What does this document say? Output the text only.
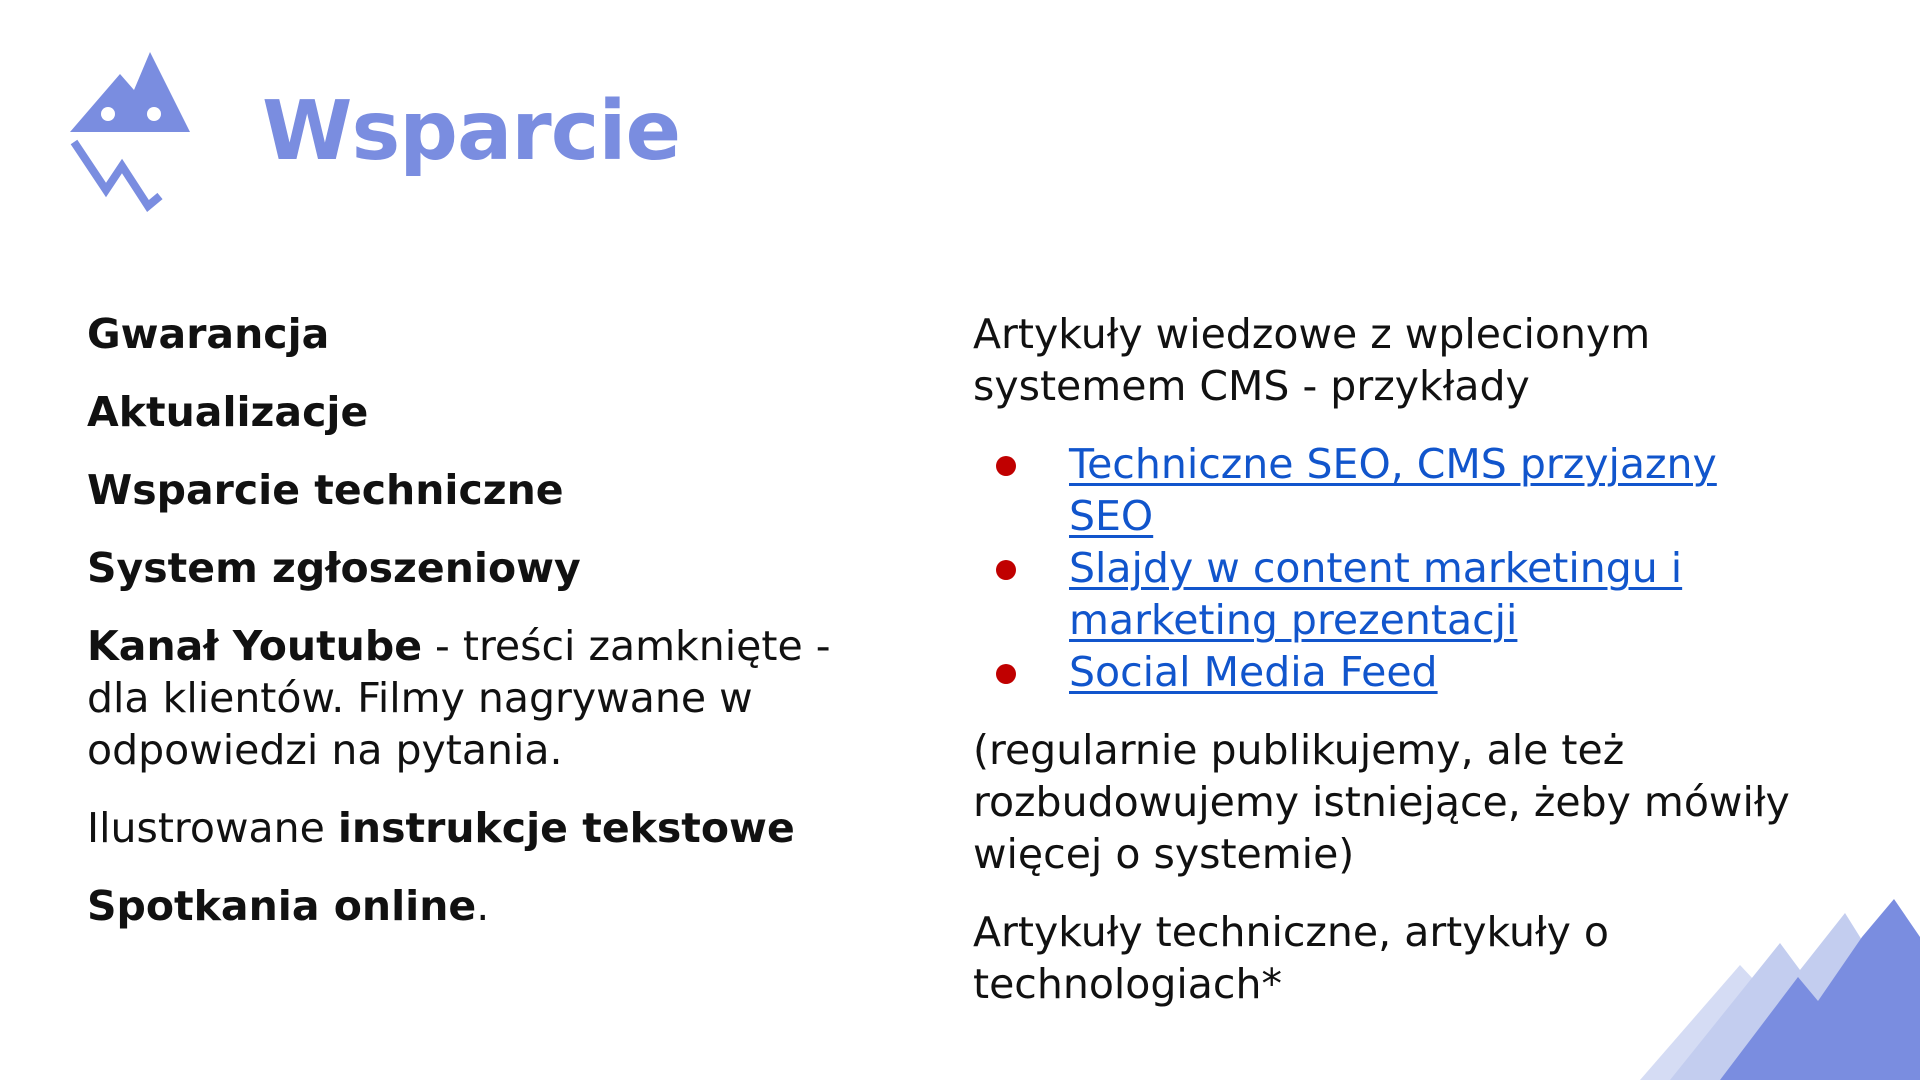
Wsparcie

Gwarancja

Aktualizacje

Wsparcie techniczne

System zgłoszeniowy

Kanał Youtube - treści zamknięte - dla klientów. Filmy nagrywane w odpowiedzi na pytania.

Ilustrowane instrukcje tekstowe

Spotkania online.

Artykuły wiedzowe z wplecionym systemem CMS - przykłady

Techniczne SEO, CMS przyjazny SEO
Slajdy w content marketingu i marketing prezentacji
Social Media Feed

(regularnie publikujemy, ale też rozbudowujemy istniejące, żeby mówiły więcej o systemie)

Artykuły techniczne, artykuły o technologiach*
